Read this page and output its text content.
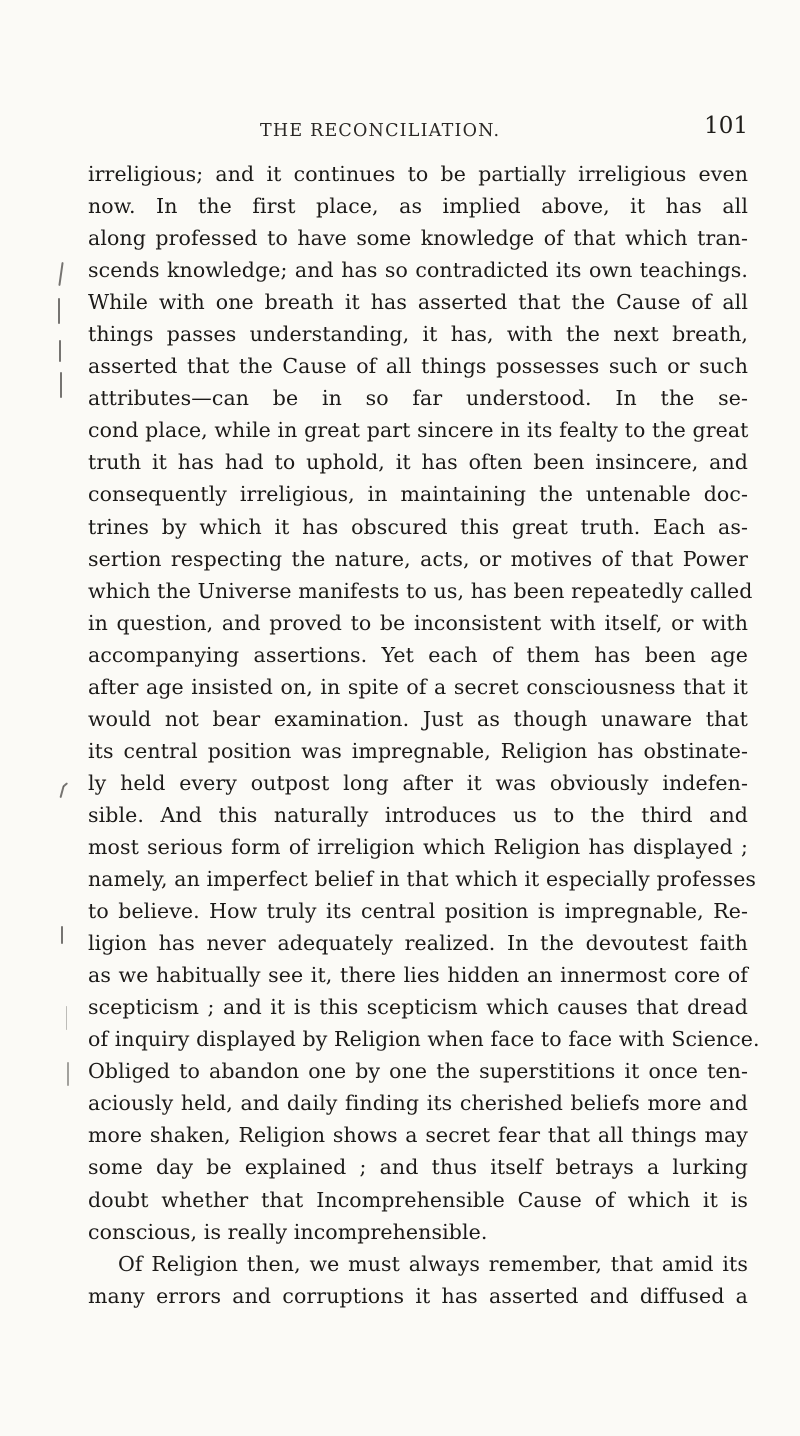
THE RECONCILIATION.	101
irreligious; and it continues to be partially irreligious even
now. In the first place, as implied above, it has all
along professed to have some knowledge of that which tran-
scends knowledge; and has so contradicted its own teachings.
While with one breath it has asserted that the Cause of all
things passes understanding, it has, with the next breath,
asserted that the Cause of all things possesses such or such
attributes—can be in so far understood. In the se-
cond place, while in great part sincere in its fealty to the great
truth it has had to uphold, it has often been insincere, and
consequently irreligious, in maintaining the untenable doc-
trines by which it has obscured this great truth. Each as-
sertion respecting the nature, acts, or motives of that Power
which the Universe manifests to us, has been repeatedly called
in question, and proved to be inconsistent with itself, or with
accompanying assertions. Yet each of them has been age
after age insisted on, in spite of a secret consciousness that it
would not bear examination. Just as though unaware that
its central position was impregnable, Religion has obstinate-
ly held every outpost long after it was obviously indefen-
sible. And this naturally introduces us to the third and
most serious form of irreligion which Religion has displayed ;
namely, an imperfect belief in that which it especially professes
to believe. How truly its central position is impregnable, Re-
ligion has never adequately realized. In the devoutest faith
as we habitually see it, there lies hidden an innermost core of
scepticism ; and it is this scepticism which causes that dread
of inquiry displayed by Religion when face to face with Science.
Obliged to abandon one by one the superstitions it once ten-
aciously held, and daily finding its cherished beliefs more and
more shaken, Religion shows a secret fear that all things may
some day be explained ; and thus itself betrays a lurking
doubt whether that Incomprehensible Cause of which it is
conscious, is really incomprehensible.
Of Religion then, we must always remember, that amid its
many errors and corruptions it has asserted and diffused a
